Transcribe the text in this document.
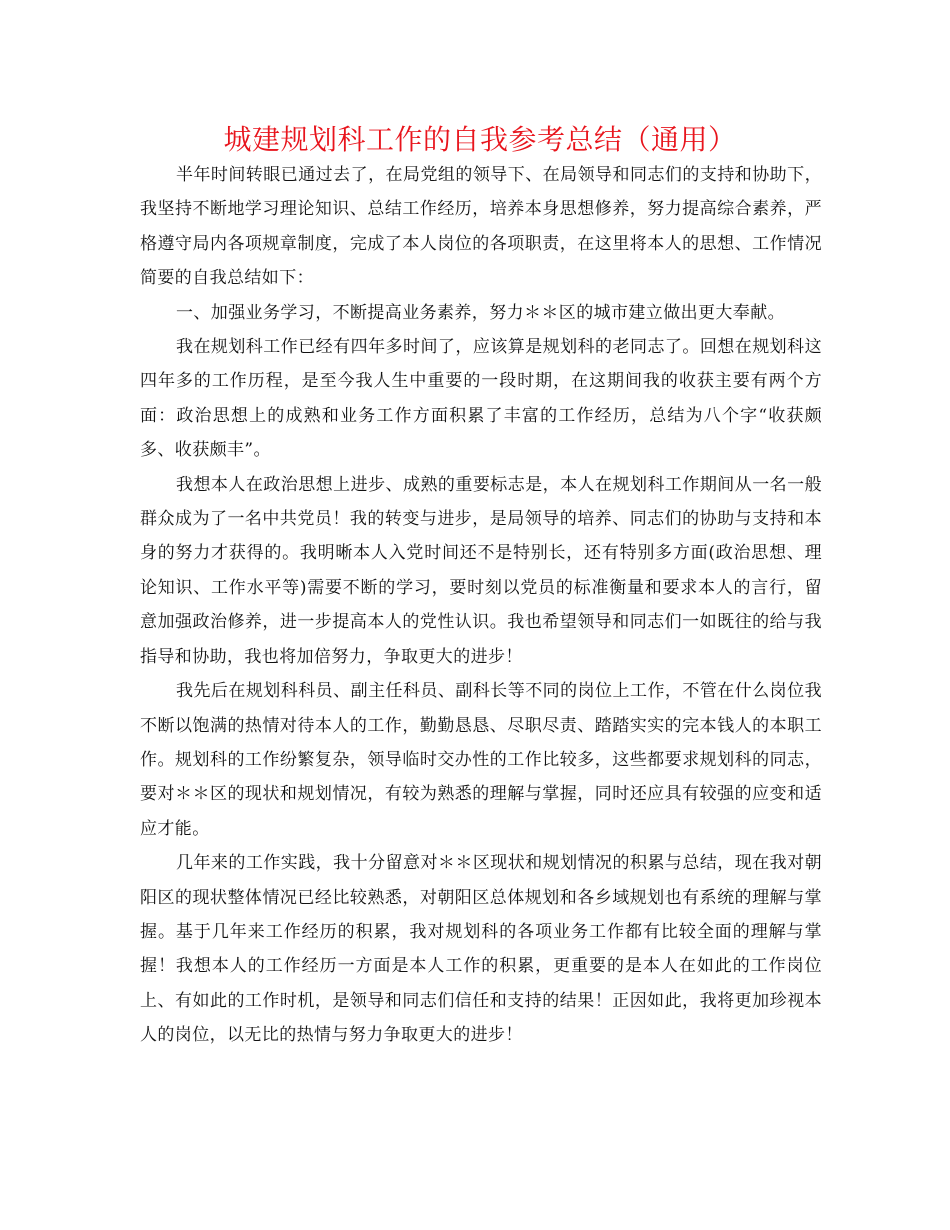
城建规划科工作的自我参考总结（通用）

半年时间转眼已通过去了，在局党组的领导下、在局领导和同志们的支持和协助下，我坚持不断地学习理论知识、总结工作经历，培养本身思想修养，努力提高综合素养，严格遵守局内各项规章制度，完成了本人岗位的各项职责，在这里将本人的思想、工作情况简要的自我总结如下：

一、加强业务学习，不断提高业务素养，努力＊＊区的城市建立做出更大奉献。

我在规划科工作已经有四年多时间了，应该算是规划科的老同志了。回想在规划科这四年多的工作历程，是至今我人生中重要的一段时期，在这期间我的收获主要有两个方面：政治思想上的成熟和业务工作方面积累了丰富的工作经历，总结为八个字“收获颇多、收获颇丰”。

我想本人在政治思想上进步、成熟的重要标志是，本人在规划科工作期间从一名一般群众成为了一名中共党员！我的转变与进步，是局领导的培养、同志们的协助与支持和本身的努力才获得的。我明晰本人入党时间还不是特别长，还有特别多方面(政治思想、理论知识、工作水平等)需要不断的学习，要时刻以党员的标准衡量和要求本人的言行，留意加强政治修养，进一步提高本人的党性认识。我也希望领导和同志们一如既往的给与我指导和协助，我也将加倍努力，争取更大的进步！

我先后在规划科科员、副主任科员、副科长等不同的岗位上工作，不管在什么岗位我不断以饱满的热情对待本人的工作，勤勤恳恳、尽职尽责、踏踏实实的完本钱人的本职工作。规划科的工作纷繁复杂，领导临时交办性的工作比较多，这些都要求规划科的同志，要对＊＊区的现状和规划情况，有较为熟悉的理解与掌握，同时还应具有较强的应变和适应才能。

几年来的工作实践，我十分留意对＊＊区现状和规划情况的积累与总结，现在我对朝阳区的现状整体情况已经比较熟悉，对朝阳区总体规划和各乡域规划也有系统的理解与掌握。基于几年来工作经历的积累，我对规划科的各项业务工作都有比较全面的理解与掌握！我想本人的工作经历一方面是本人工作的积累，更重要的是本人在如此的工作岗位上、有如此的工作时机，是领导和同志们信任和支持的结果！正因如此，我将更加珍视本人的岗位，以无比的热情与努力争取更大的进步！
